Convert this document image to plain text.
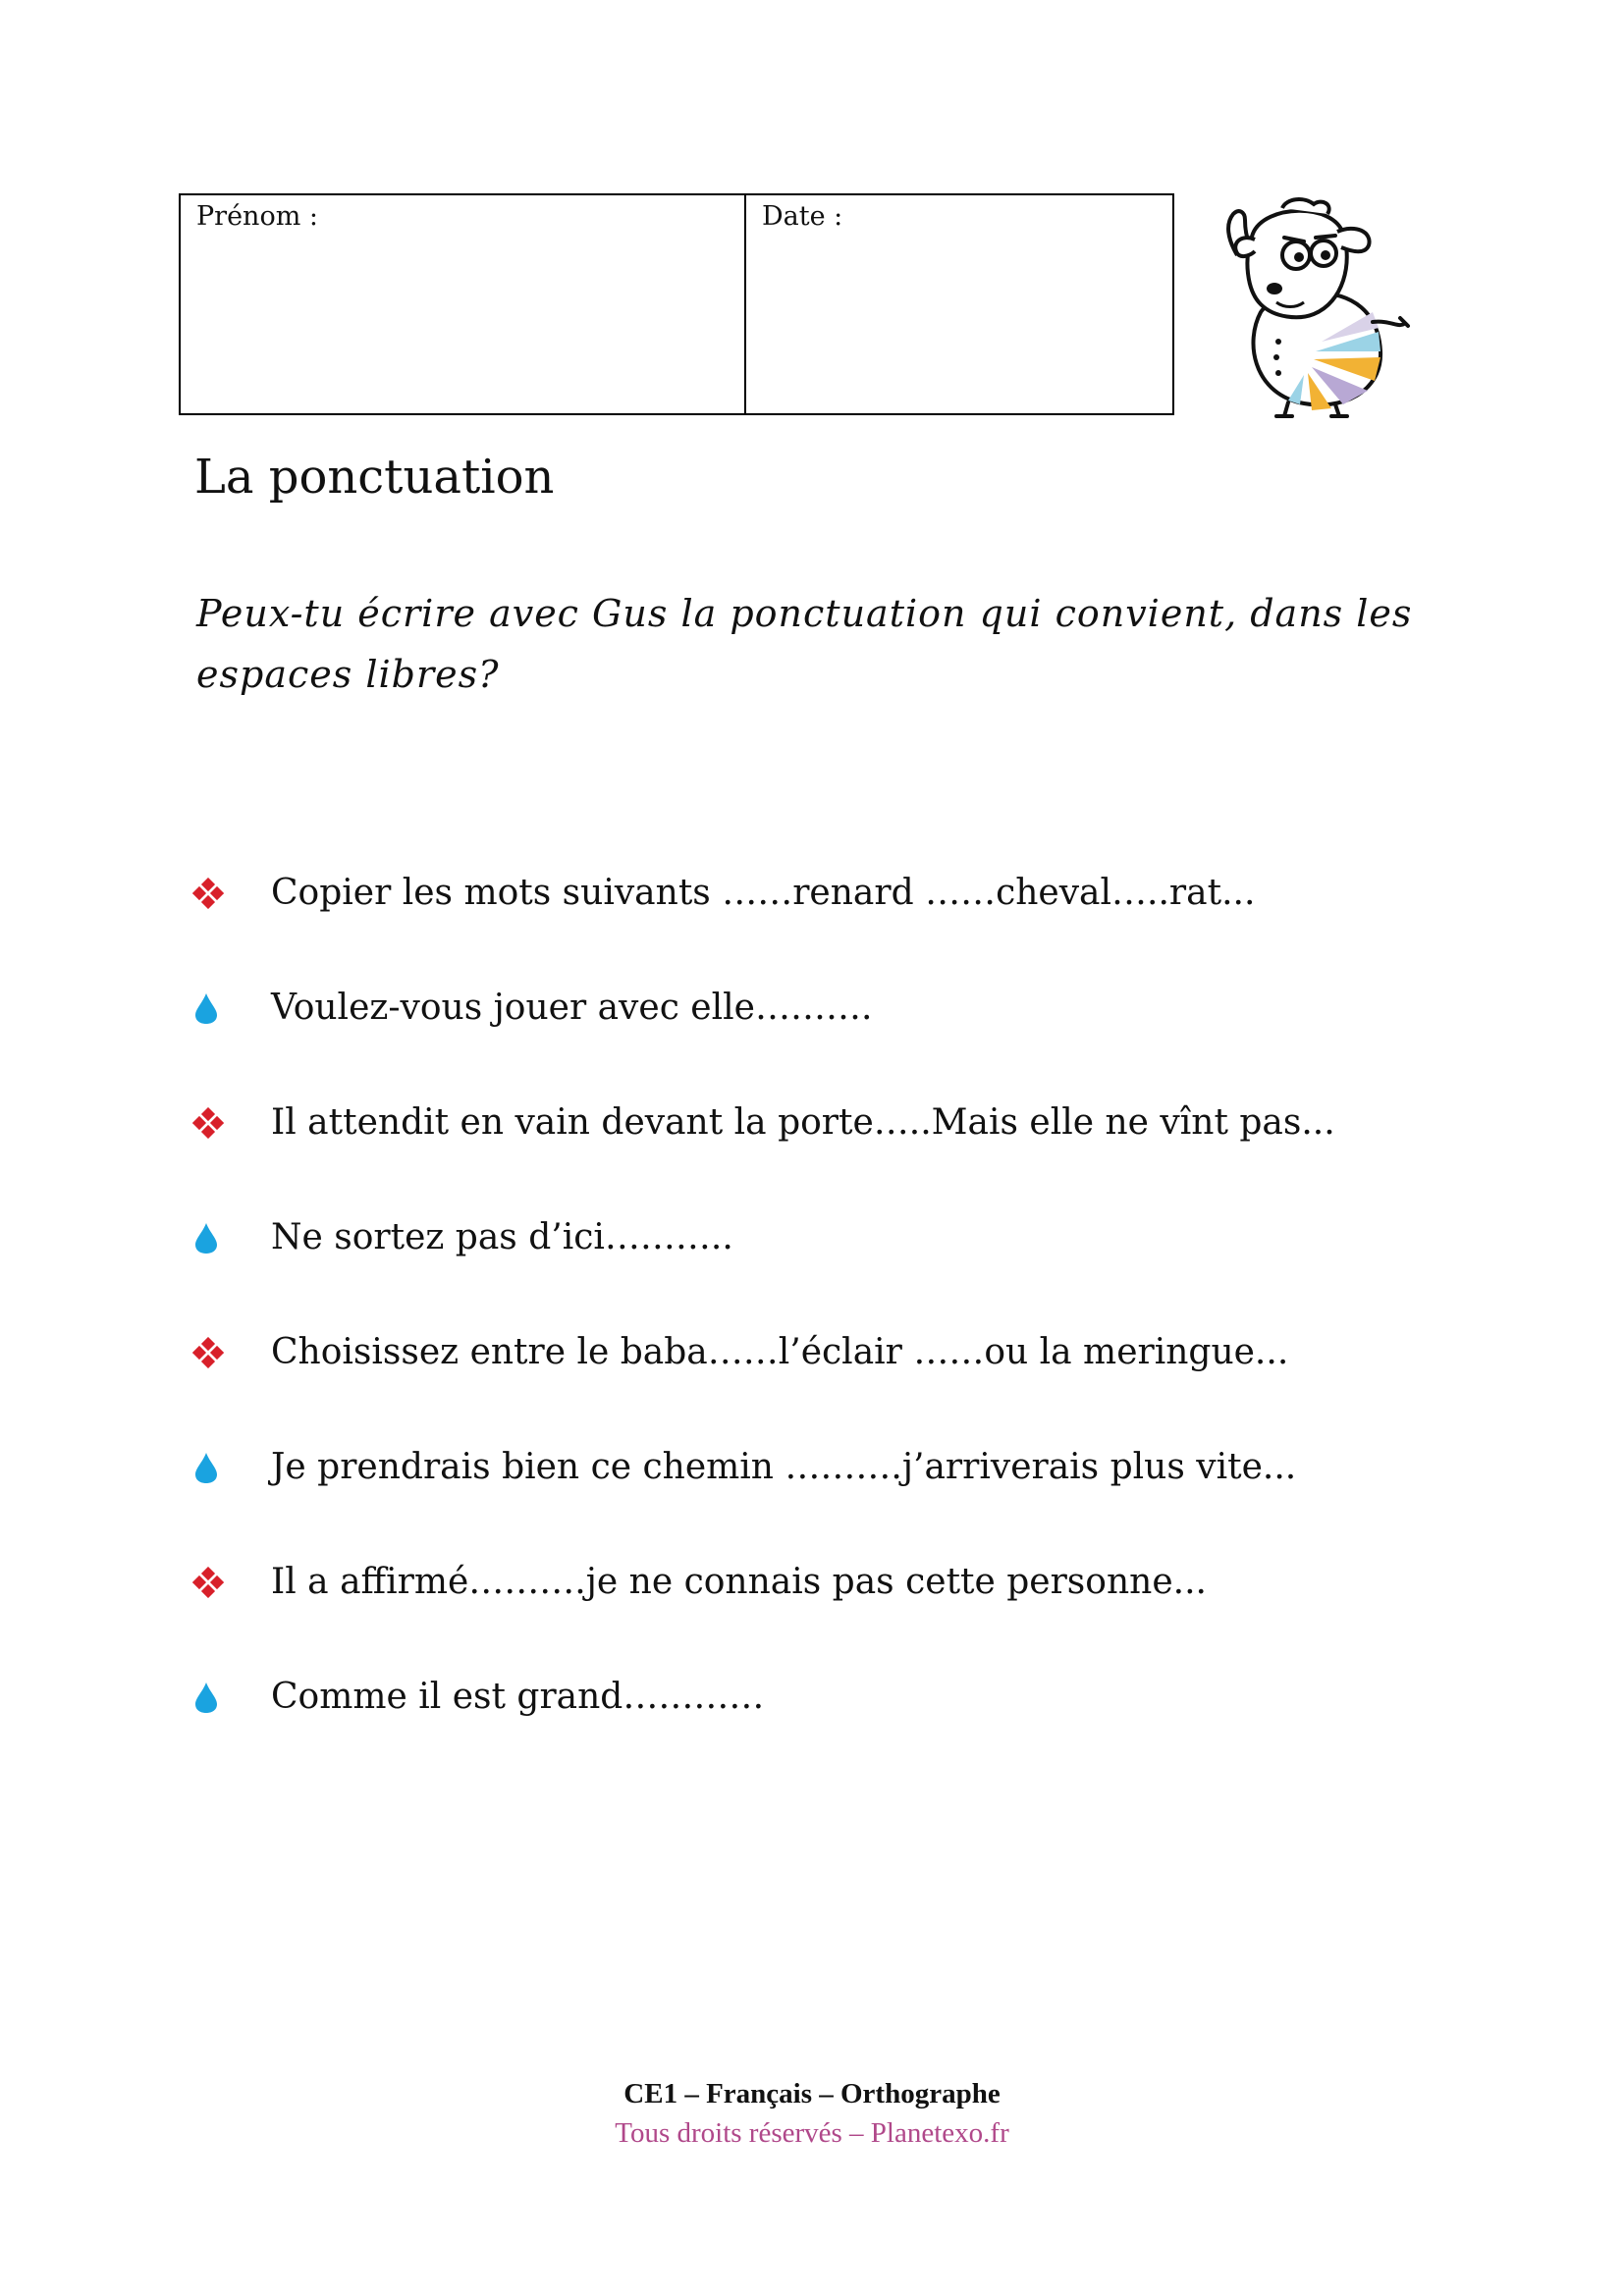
Prénom :	Date :
La ponctuation
Peux-tu écrire avec Gus la ponctuation qui convient, dans les espaces libres?
Copier les mots suivants ……renard ……cheval…..rat...
Voulez-vous jouer avec elle……….
Il attendit en vain devant la porte…..Mais elle ne vînt pas...
Ne sortez pas d’ici………..
Choisissez entre le baba……l’éclair ……ou la meringue...
Je prendrais bien ce chemin ……….j’arriverais plus vite...
Il a affirmé……….je ne connais pas cette personne...
Comme il est grand…………
CE1 – Français – Orthographe
Tous droits réservés – Planetexo.fr
